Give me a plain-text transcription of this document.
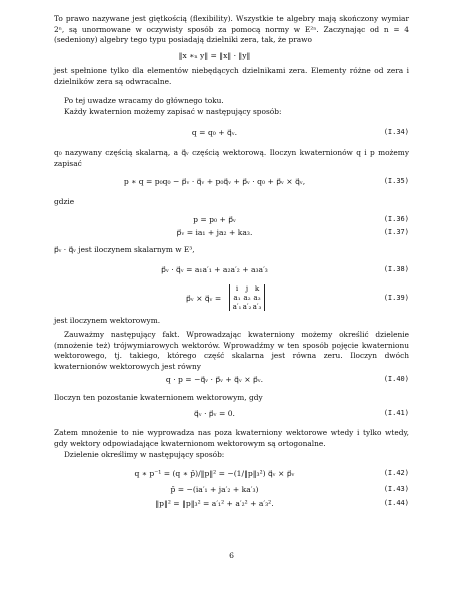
To prawo nazywane jest giętkością (flexibility). Wszystkie te algebry mają skończony wymiar 2ⁿ, są unormowane w oczywisty sposób za pomocą normy w E²ⁿ. Zaczynając od n = 4 (sedeniony) algebry tego typu posiadają dzielniki zera, tak, że prawo

‖x ∗ₙ y‖ = ‖x‖ · ‖y‖

jest spełnione tylko dla elementów niebędących dzielnikami zera. Elementy różne od zera i dzielników zera są odwracalne.

Po tej uwadze wracamy do głównego toku.

Każdy kwaternion możemy zapisać w następujący sposób:

q = q₀ + q⃗ᵥ.	(I.34)

q₀ nazywany częścią skalarną, a q⃗ᵥ częścią wektorową. Iloczyn kwaternionów q i p możemy zapisać

p ∗ q = p₀q₀ − p⃗ᵥ · q⃗ᵥ + p₀q⃗ᵥ + p⃗ᵥ · q₀ + p⃗ᵥ × q⃗ᵥ,	(I.35)

gdzie

p = p₀ + p⃗ᵥ	(I.36)
p⃗ᵥ = ia₁ + ja₂ + ka₃.	(I.37)

p⃗ᵥ · q⃗ᵥ jest iloczynem skalarnym w E³,

p⃗ᵥ · q⃗ᵥ = a₁a′₁ + a₂a′₂ + a₃a′₃	(I.38)
(I.39)
p⃗ᵥ × q⃗ᵥ =
i j k
a₁ a₂ a₃
a′₁a′₂a′₃

jest iloczynem wektorowym.

Zauważmy następujący fakt. Wprowadzając kwaterniony możemy określić dzielenie (mnożenie też) trójwymiarowych wektorów. Wprowadźmy w ten sposób pojęcie kwaternionu wektorowego, tj. takiego, którego część skalarna jest równa zeru. Iloczyn dwóch kwaternionów wektorowych jest równy

q · p = −q⃗ᵥ · p⃗ᵥ + q⃗ᵥ × p⃗ᵥ.	(I.40)

Iloczyn ten pozostanie kwaternionem wektorowym, gdy

q⃗ᵥ · p⃗ᵥ = 0.	(I.41)

Zatem mnożenie to nie wyprowadza nas poza kwaterniony wektorowe wtedy i tylko wtedy, gdy wektory odpowiadające kwaternionom wektorowym są ortogonalne.

Dzielenie określimy w następujący sposób:

q ∗ p⁻¹ = (q ∗ p̄)/‖p‖² = −(1/‖p‖₃²) q⃗ᵥ × p⃗ᵥ	(I.42)
p̄ = −(ia′₁ + ja′₂ + ka′₃)	(I.43)
‖p‖² = ‖p‖₃² = a′₁² + a′₂² + a′₃².	(I.44)
6
